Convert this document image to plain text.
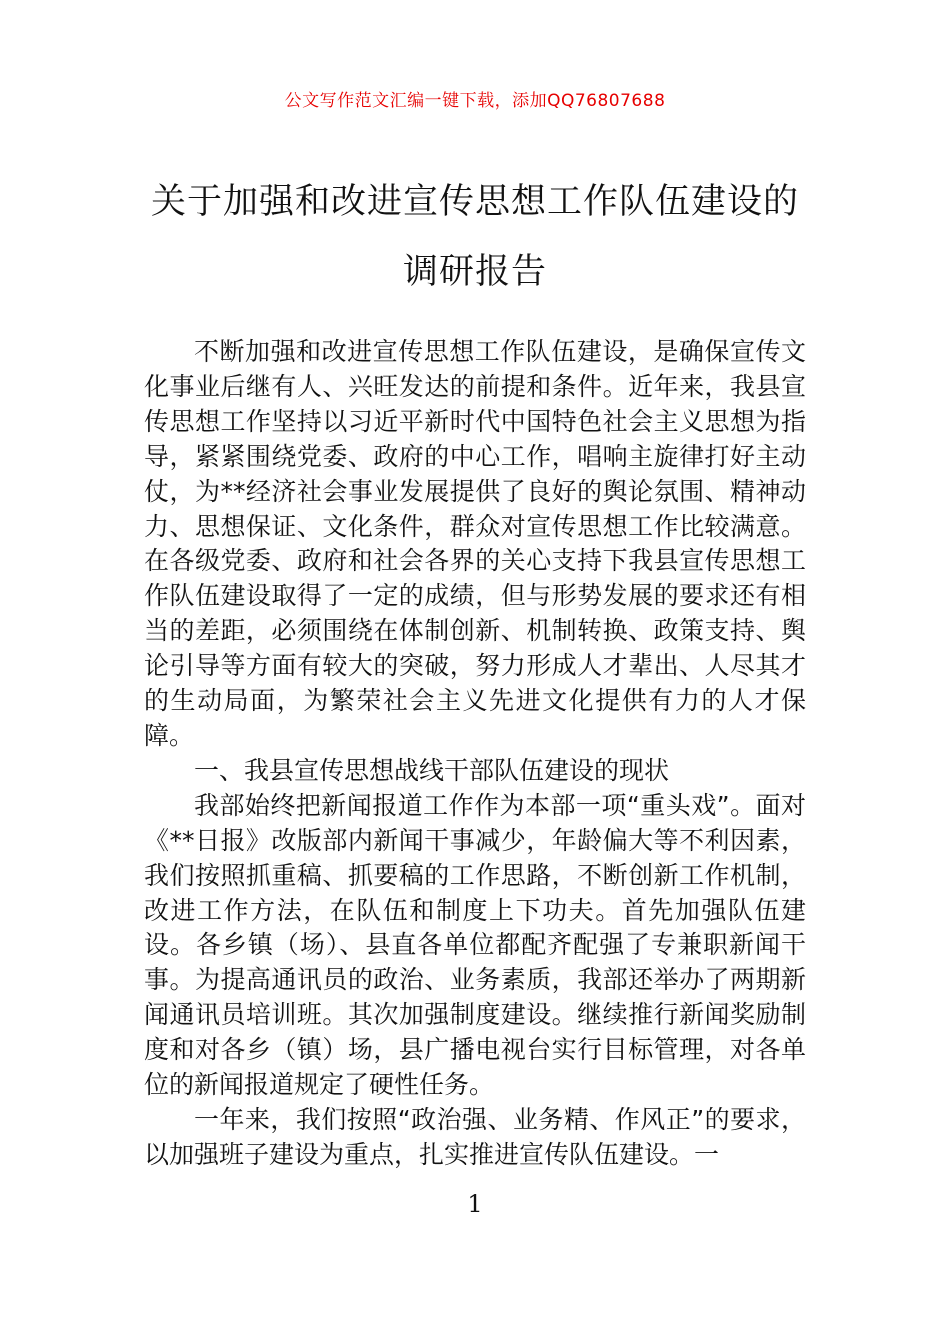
公文写作范文汇编一键下载，添加QQ76807688
关于加强和改进宣传思想工作队伍建设的
调研报告

不断加强和改进宣传思想工作队伍建设，是确保宣传文化事业后继有人、兴旺发达的前提和条件。近年来，我县宣传思想工作坚持以习近平新时代中国特色社会主义思想为指导，紧紧围绕党委、政府的中心工作，唱响主旋律打好主动仗，为**经济社会事业发展提供了良好的舆论氛围、精神动力、思想保证、文化条件，群众对宣传思想工作比较满意。在各级党委、政府和社会各界的关心支持下我县宣传思想工作队伍建设取得了一定的成绩，但与形势发展的要求还有相当的差距，必须围绕在体制创新、机制转换、政策支持、舆论引导等方面有较大的突破，努力形成人才辈出、人尽其才的生动局面，为繁荣社会主义先进文化提供有力的人才保障。

一、我县宣传思想战线干部队伍建设的现状

我部始终把新闻报道工作作为本部一项“重头戏”。面对《**日报》改版部内新闻干事减少，年龄偏大等不利因素，我们按照抓重稿、抓要稿的工作思路，不断创新工作机制，改进工作方法，在队伍和制度上下功夫。首先加强队伍建设。各乡镇（场）、县直各单位都配齐配强了专兼职新闻干事。为提高通讯员的政治、业务素质，我部还举办了两期新闻通讯员培训班。其次加强制度建设。继续推行新闻奖励制度和对各乡（镇）场，县广播电视台实行目标管理，对各单位的新闻报道规定了硬性任务。

一年来，我们按照“政治强、业务精、作风正”的要求，以加强班子建设为重点，扎实推进宣传队伍建设。一

1
